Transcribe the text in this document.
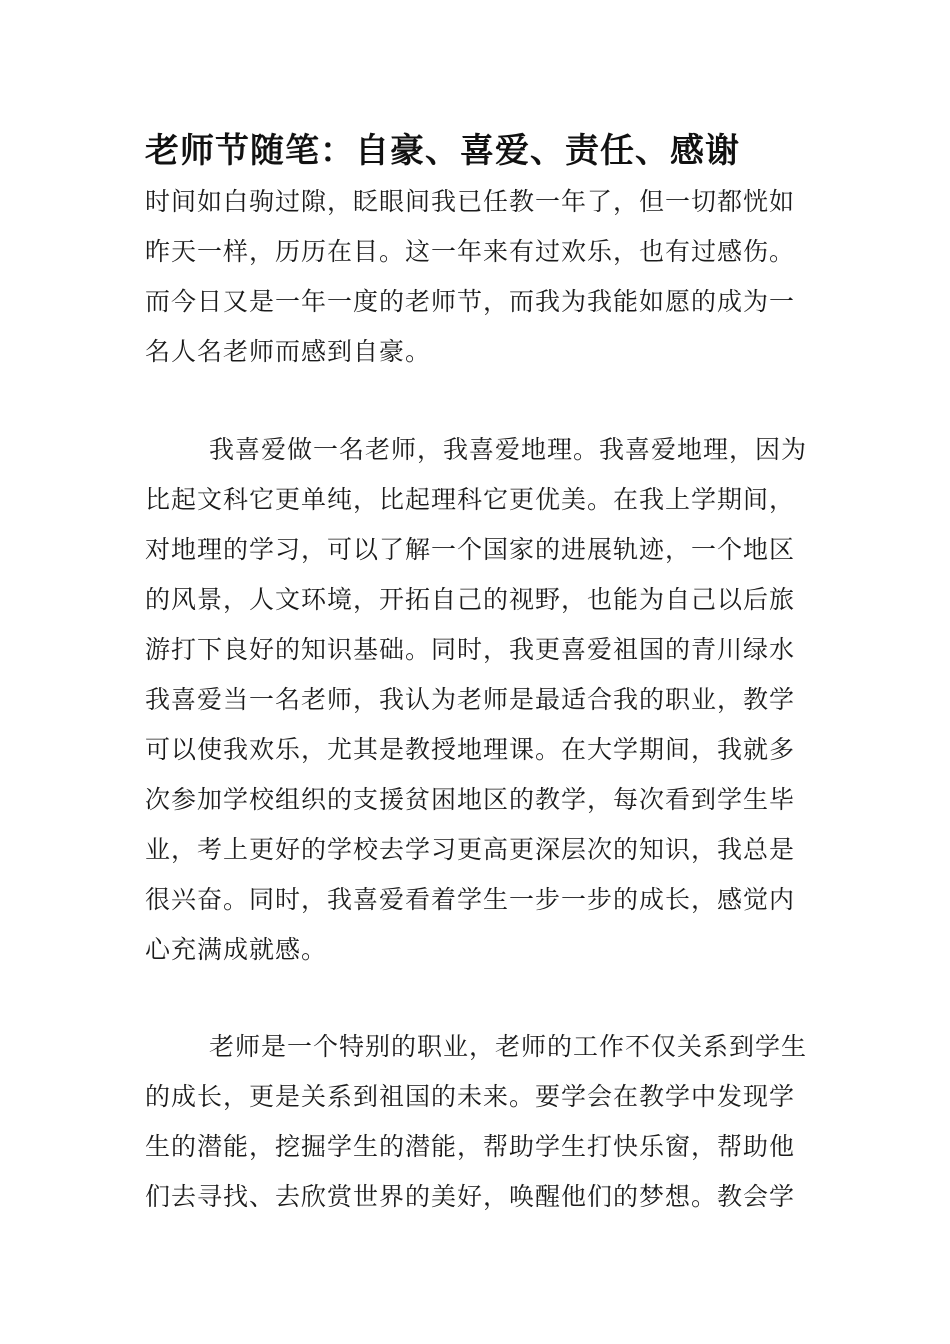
老师节随笔：自豪、喜爱、责任、感谢
时间如白驹过隙，眨眼间我已任教一年了，但一切都恍如
昨天一样，历历在目。这一年来有过欢乐，也有过感伤。
而今日又是一年一度的老师节，而我为我能如愿的成为一
名人名老师而感到自豪。
我喜爱做一名老师，我喜爱地理。我喜爱地理，因为
比起文科它更单纯，比起理科它更优美。在我上学期间，
对地理的学习，可以了解一个国家的进展轨迹，一个地区
的风景，人文环境，开拓自己的视野，也能为自己以后旅
游打下良好的知识基础。同时，我更喜爱祖国的青川绿水
我喜爱当一名老师，我认为老师是最适合我的职业，教学
可以使我欢乐，尤其是教授地理课。在大学期间，我就多
次参加学校组织的支援贫困地区的教学，每次看到学生毕
业，考上更好的学校去学习更高更深层次的知识，我总是
很兴奋。同时，我喜爱看着学生一步一步的成长，感觉内
心充满成就感。
老师是一个特别的职业，老师的工作不仅关系到学生
的成长，更是关系到祖国的未来。要学会在教学中发现学
生的潜能，挖掘学生的潜能，帮助学生打快乐窗，帮助他
们去寻找、去欣赏世界的美好，唤醒他们的梦想。教会学
